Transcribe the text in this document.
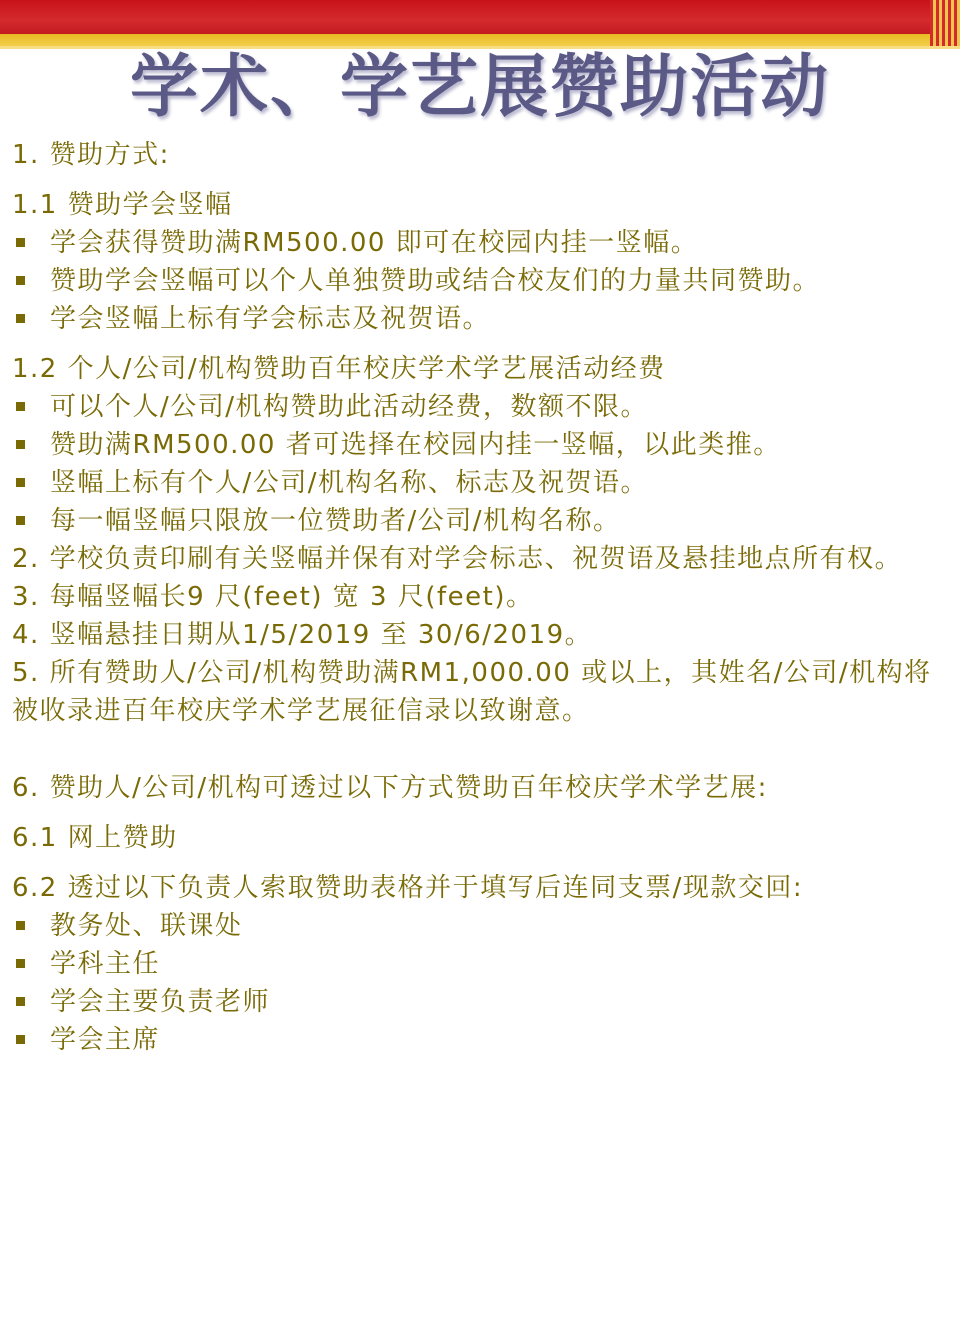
学术、学艺展赞助活动

1. 赞助方式:

1.1 赞助学会竖幅

学会获得赞助满RM500.00 即可在校园内挂一竖幅。
赞助学会竖幅可以个人单独赞助或结合校友们的力量共同赞助。
学会竖幅上标有学会标志及祝贺语。

1.2 个人/公司/机构赞助百年校庆学术学艺展活动经费

可以个人/公司/机构赞助此活动经费，数额不限。
赞助满RM500.00 者可选择在校园内挂一竖幅，以此类推。
竖幅上标有个人/公司/机构名称、标志及祝贺语。
每一幅竖幅只限放一位赞助者/公司/机构名称。

2. 学校负责印刷有关竖幅并保有对学会标志、祝贺语及悬挂地点所有权。

3. 每幅竖幅长9 尺(feet) 宽 3 尺(feet)。

4. 竖幅悬挂日期从1/5/2019 至 30/6/2019。

5. 所有赞助人/公司/机构赞助满RM1,000.00 或以上，其姓名/公司/机构将被收录进百年校庆学术学艺展征信录以致谢意。

6. 赞助人/公司/机构可透过以下方式赞助百年校庆学术学艺展:

6.1 网上赞助

6.2 透过以下负责人索取赞助表格并于填写后连同支票/现款交回:

教务处、联课处
学科主任
学会主要负责老师
学会主席
